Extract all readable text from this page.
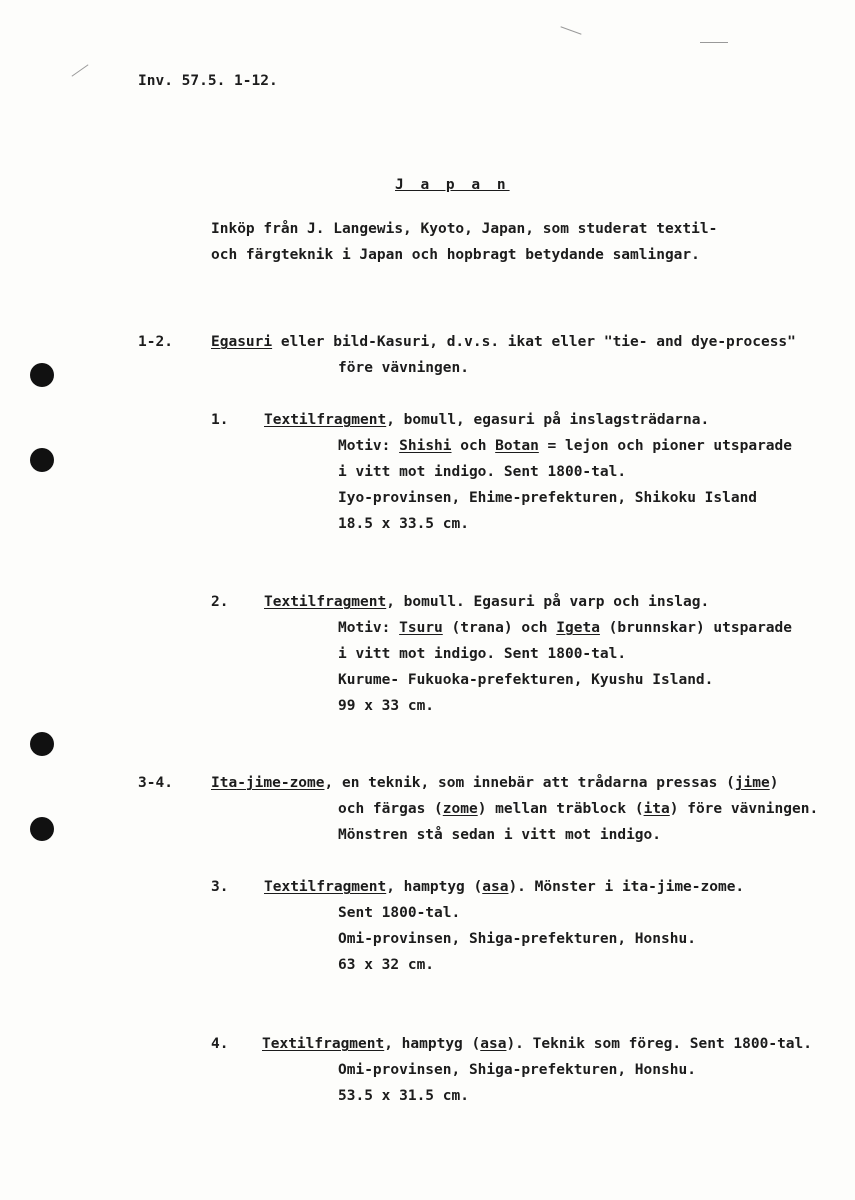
Inv. 57.5. 1-12.
J a p a n
Inköp från J. Langewis, Kyoto, Japan, som studerat textil-
och färgteknik i Japan och hopbragt betydande samlingar.
1-2.	Egasuri eller bild-Kasuri, d.v.s. ikat eller "tie- and dye-process"
före vävningen.
1. Textilfragment, bomull, egasuri på inslagsträdarna.
Motiv: Shishi och Botan = lejon och pioner utsparade
i vitt mot indigo. Sent 1800-tal.
Iyo-provinsen, Ehime-prefekturen, Shikoku Island
18.5 x 33.5 cm.
2. Textilfragment, bomull. Egasuri på varp och inslag.
Motiv: Tsuru (trana) och Igeta (brunnskar) utsparade
i vitt mot indigo. Sent 1800-tal.
Kurume- Fukuoka-prefekturen, Kyushu Island.
99 x 33 cm.
3-4.	Ita-jime-zome, en teknik, som innebär att trådarna pressas (jime)
och färgas (zome) mellan träblock (ita) före vävningen.
Mönstren stå sedan i vitt mot indigo.
3. Textilfragment, hamptyg (asa). Mönster i ita-jime-zome.
Sent 1800-tal.
Omi-provinsen, Shiga-prefekturen, Honshu.
63 x 32 cm.
4. Textilfragment, hamptyg (asa). Teknik som föreg. Sent 1800-tal.
Omi-provinsen, Shiga-prefekturen, Honshu.
53.5 x 31.5 cm.
